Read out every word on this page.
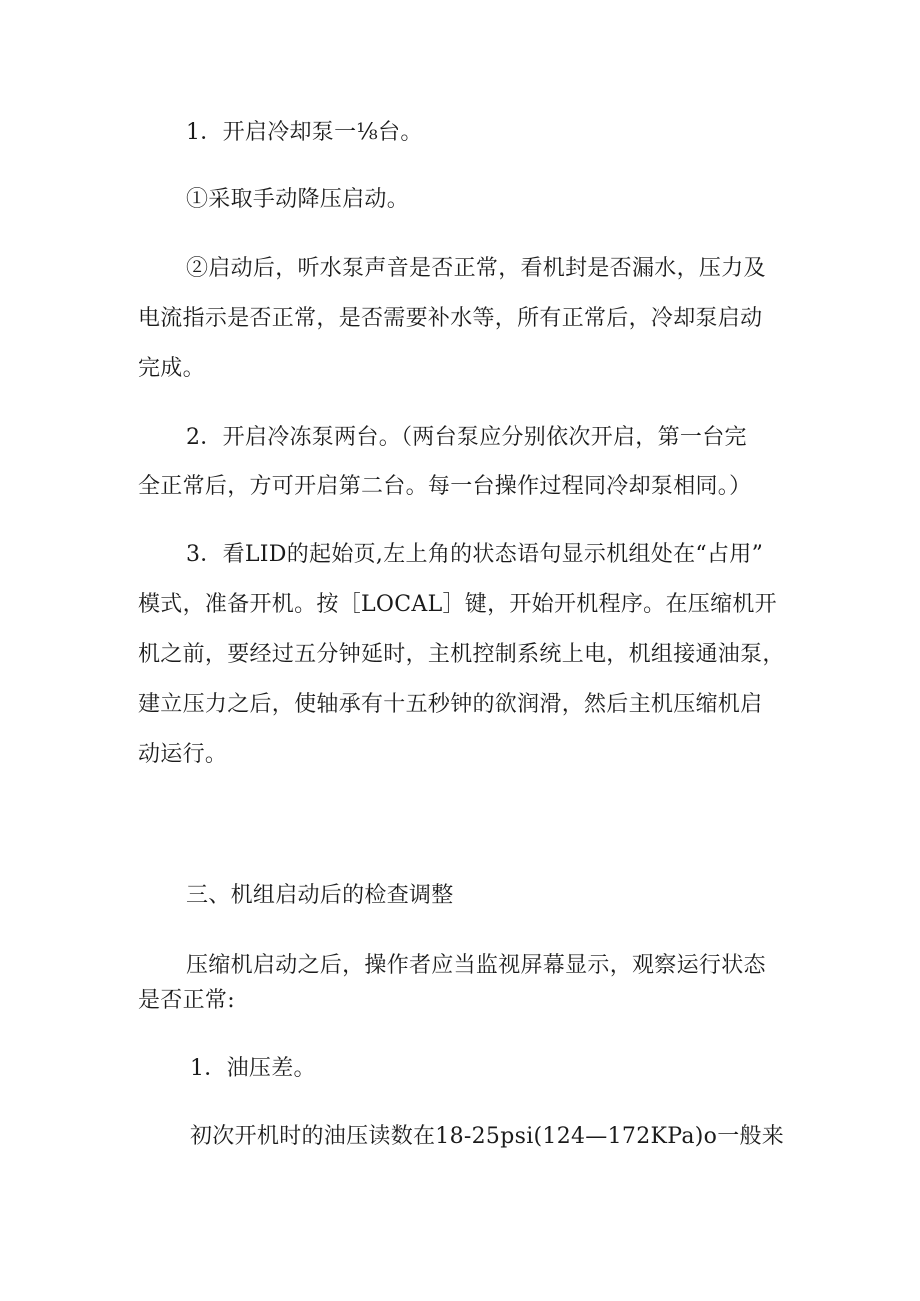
1．开启冷却泵一⅛台。
①采取手动降压启动。
②启动后，听水泵声音是否正常，看机封是否漏水，压力及
电流指示是否正常，是否需要补水等，所有正常后，冷却泵启动
完成。
2．开启冷冻泵两台。（两台泵应分别依次开启，第一台完
全正常后，方可开启第二台。每一台操作过程同冷却泵相同。）
3．看LID的起始页,左上角的状态语句显示机组处在“占用”
模式，准备开机。按［LOCAL］键，开始开机程序。在压缩机开
机之前，要经过五分钟延时，主机控制系统上电，机组接通油泵，
建立压力之后，使轴承有十五秒钟的欲润滑，然后主机压缩机启
动运行。
三、机组启动后的检查调整
压缩机启动之后，操作者应当监视屏幕显示，观察运行状态
是否正常:
1．油压差。
初次开机时的油压读数在18-25psi(124—172KPa)o一般来
